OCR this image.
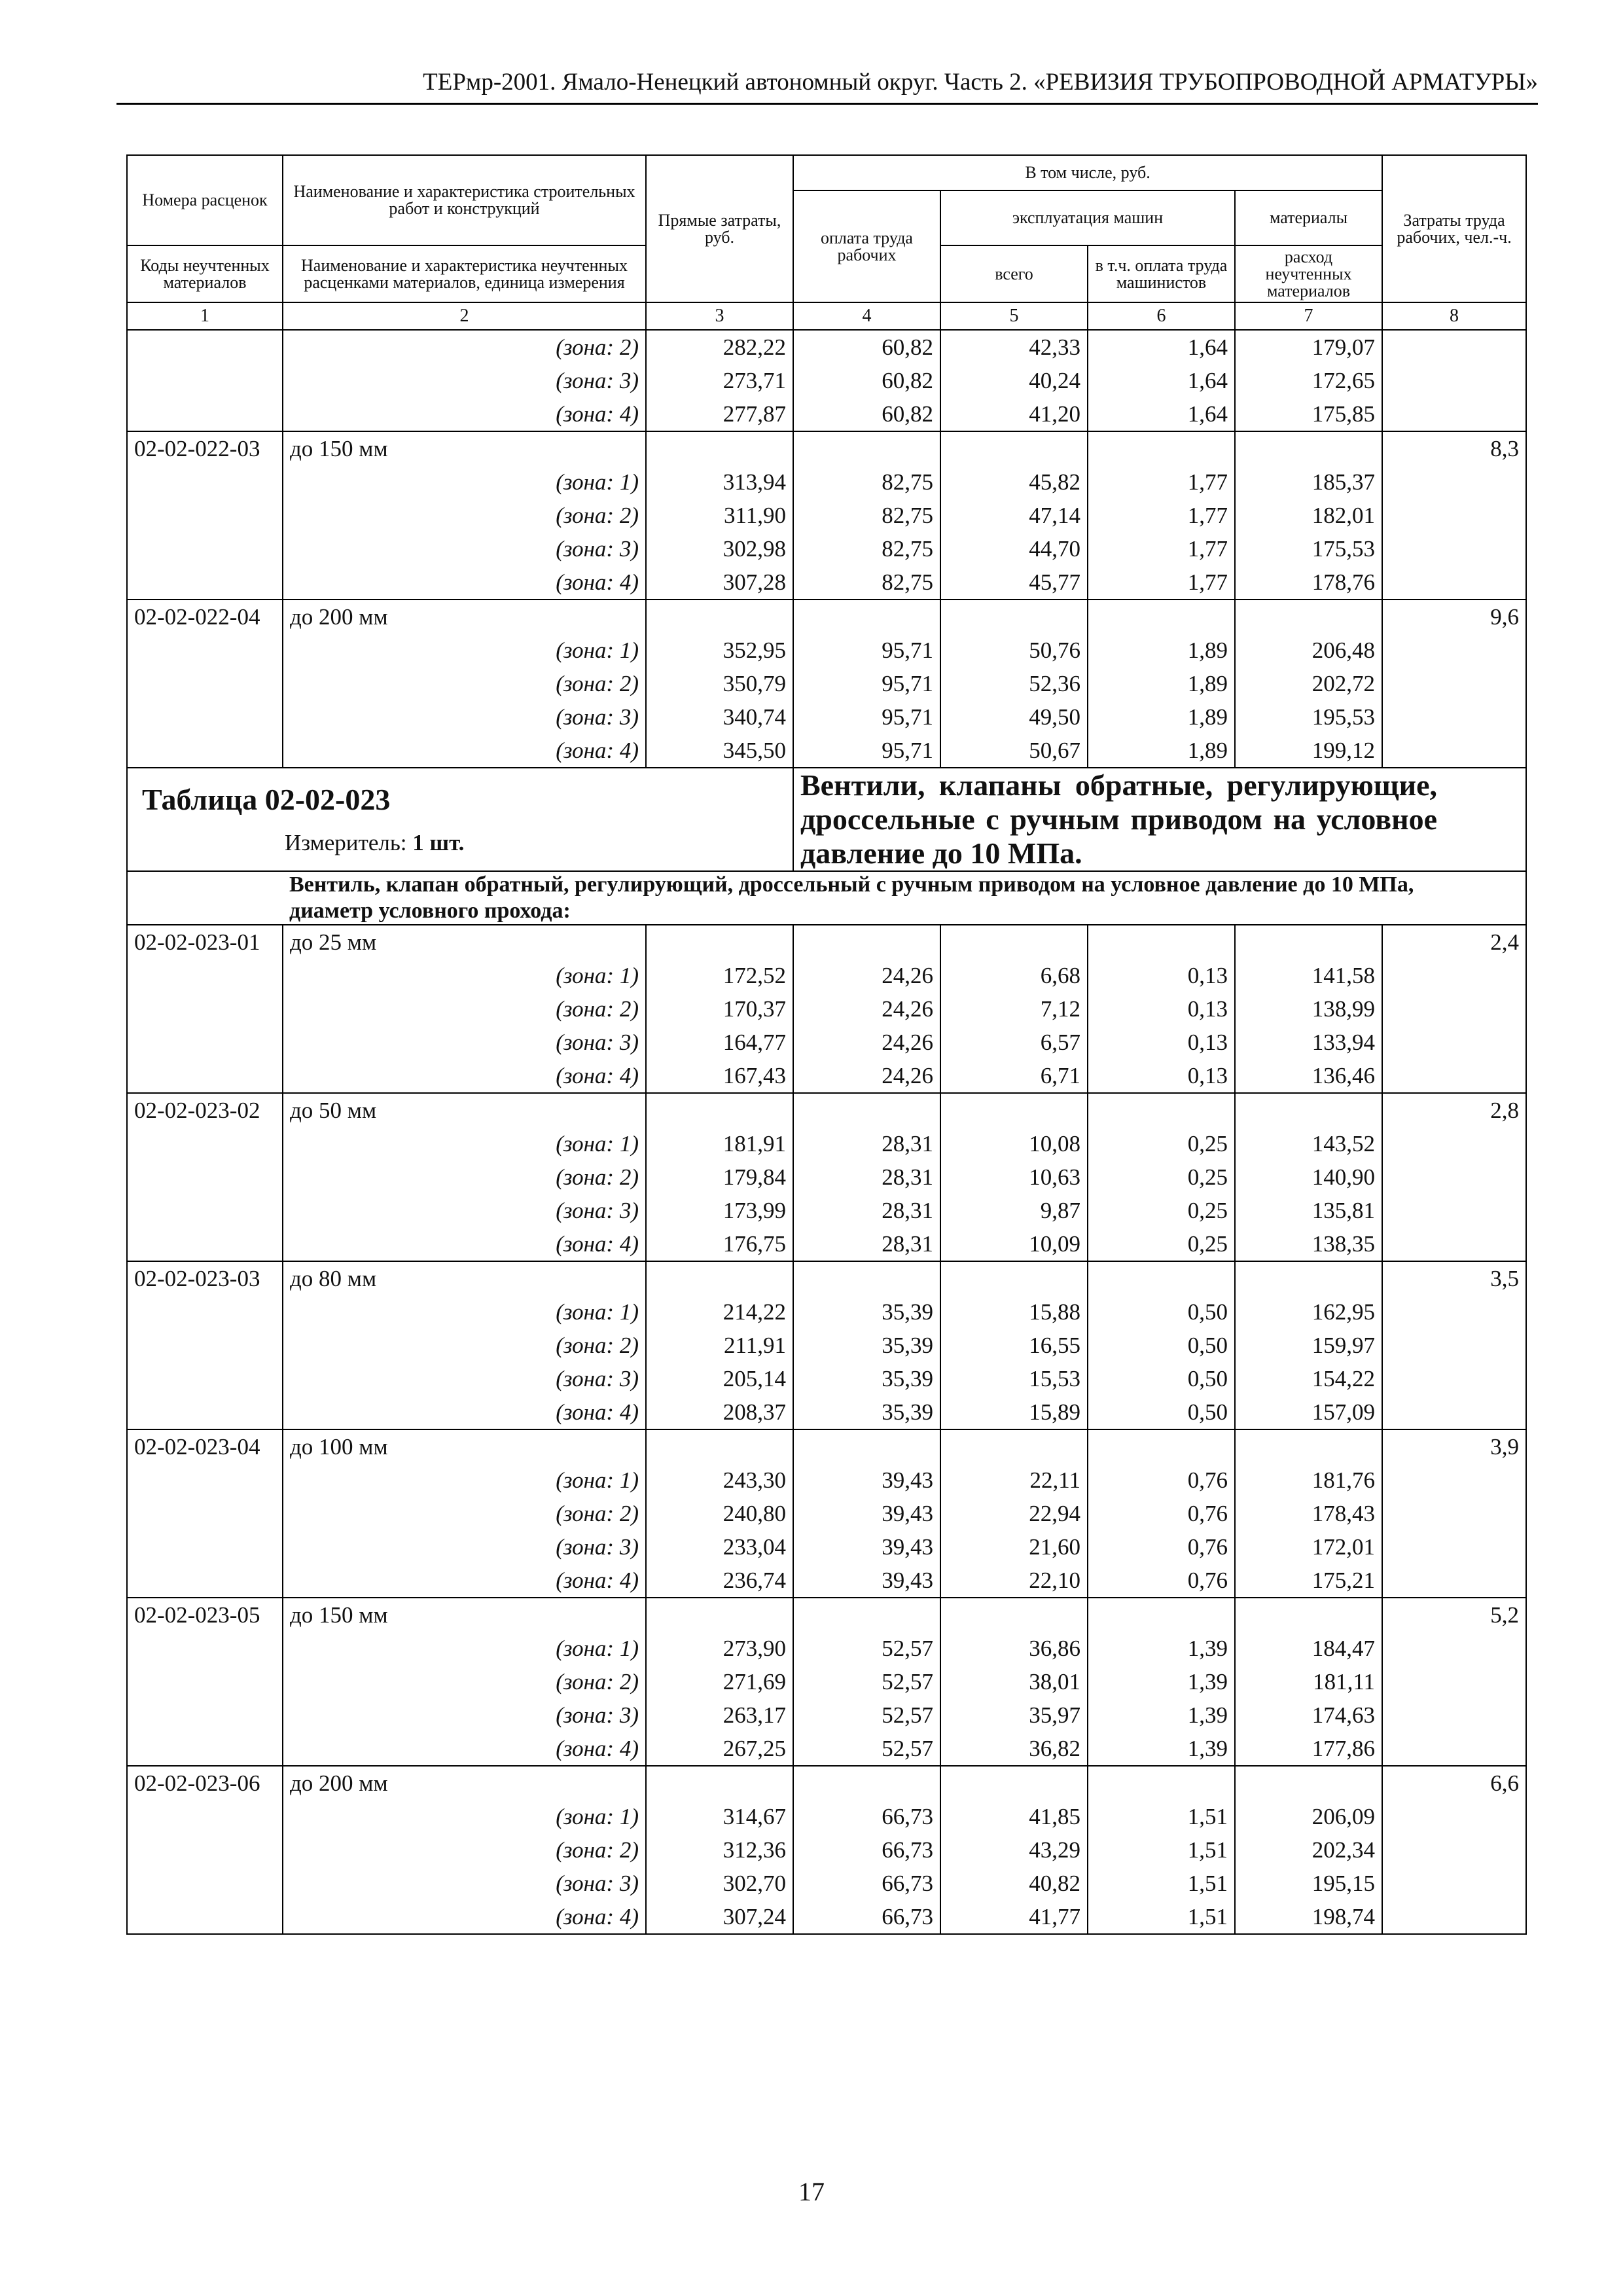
ТЕРмр-2001. Ямало-Ненецкий автономный округ. Часть 2. «РЕВИЗИЯ ТРУБОПРОВОДНОЙ АРМАТУРЫ»
Номера расценок	Наименование и характеристика строительных работ и конструкций	Прямые затраты, руб.	В том числе, руб.				Затраты труда рабочих, чел.-ч.
			оплата труда рабочих	эксплуатация машин		материалы	
Коды неучтенных материалов	Наименование и характеристика неучтенных расценками материалов, единица измерения			всего	в т.ч. оплата труда машинистов	расход неучтенных материалов	

1	2	3	4	5	6	7	8
	(зона: 2)	282,22	60,82	42,33	1,64	179,07	
	(зона: 3)	273,71	60,82	40,24	1,64	172,65	
	(зона: 4)	277,87	60,82	41,20	1,64	175,85	
02-02-022-03	до 150 мм						8,3
	(зона: 1)	313,94	82,75	45,82	1,77	185,37	
	(зона: 2)	311,90	82,75	47,14	1,77	182,01	
	(зона: 3)	302,98	82,75	44,70	1,77	175,53	
	(зона: 4)	307,28	82,75	45,77	1,77	178,76	
02-02-022-04	до 200 мм						9,6
	(зона: 1)	352,95	95,71	50,76	1,89	206,48	
	(зона: 2)	350,79	95,71	52,36	1,89	202,72	
	(зона: 3)	340,74	95,71	49,50	1,89	195,53	
	(зона: 4)	345,50	95,71	50,67	1,89	199,12	

Таблица 02-02-023
Измеритель: 1 шт.			Вентили, клапаны обратные, регулирующие, дроссельные с ручным приводом на условное давление до 10 МПа.				

	Вентиль, клапан обратный, регулирующий, дроссельный с ручным приводом на условное давление до 10 МПа, диаметр условного прохода:						
02-02-023-01	до 25 мм						2,4
	(зона: 1)	172,52	24,26	6,68	0,13	141,58	
	(зона: 2)	170,37	24,26	7,12	0,13	138,99	
	(зона: 3)	164,77	24,26	6,57	0,13	133,94	
	(зона: 4)	167,43	24,26	6,71	0,13	136,46	
02-02-023-02	до 50 мм						2,8
	(зона: 1)	181,91	28,31	10,08	0,25	143,52	
	(зона: 2)	179,84	28,31	10,63	0,25	140,90	
	(зона: 3)	173,99	28,31	9,87	0,25	135,81	
	(зона: 4)	176,75	28,31	10,09	0,25	138,35	
02-02-023-03	до 80 мм						3,5
	(зона: 1)	214,22	35,39	15,88	0,50	162,95	
	(зона: 2)	211,91	35,39	16,55	0,50	159,97	
	(зона: 3)	205,14	35,39	15,53	0,50	154,22	
	(зона: 4)	208,37	35,39	15,89	0,50	157,09	
02-02-023-04	до 100 мм						3,9
	(зона: 1)	243,30	39,43	22,11	0,76	181,76	
	(зона: 2)	240,80	39,43	22,94	0,76	178,43	
	(зона: 3)	233,04	39,43	21,60	0,76	172,01	
	(зона: 4)	236,74	39,43	22,10	0,76	175,21	
02-02-023-05	до 150 мм						5,2
	(зона: 1)	273,90	52,57	36,86	1,39	184,47	
	(зона: 2)	271,69	52,57	38,01	1,39	181,11	
	(зона: 3)	263,17	52,57	35,97	1,39	174,63	
	(зона: 4)	267,25	52,57	36,82	1,39	177,86	
02-02-023-06	до 200 мм						6,6
	(зона: 1)	314,67	66,73	41,85	1,51	206,09	
	(зона: 2)	312,36	66,73	43,29	1,51	202,34	
	(зона: 3)	302,70	66,73	40,82	1,51	195,15	
	(зона: 4)	307,24	66,73	41,77	1,51	198,74	
17
